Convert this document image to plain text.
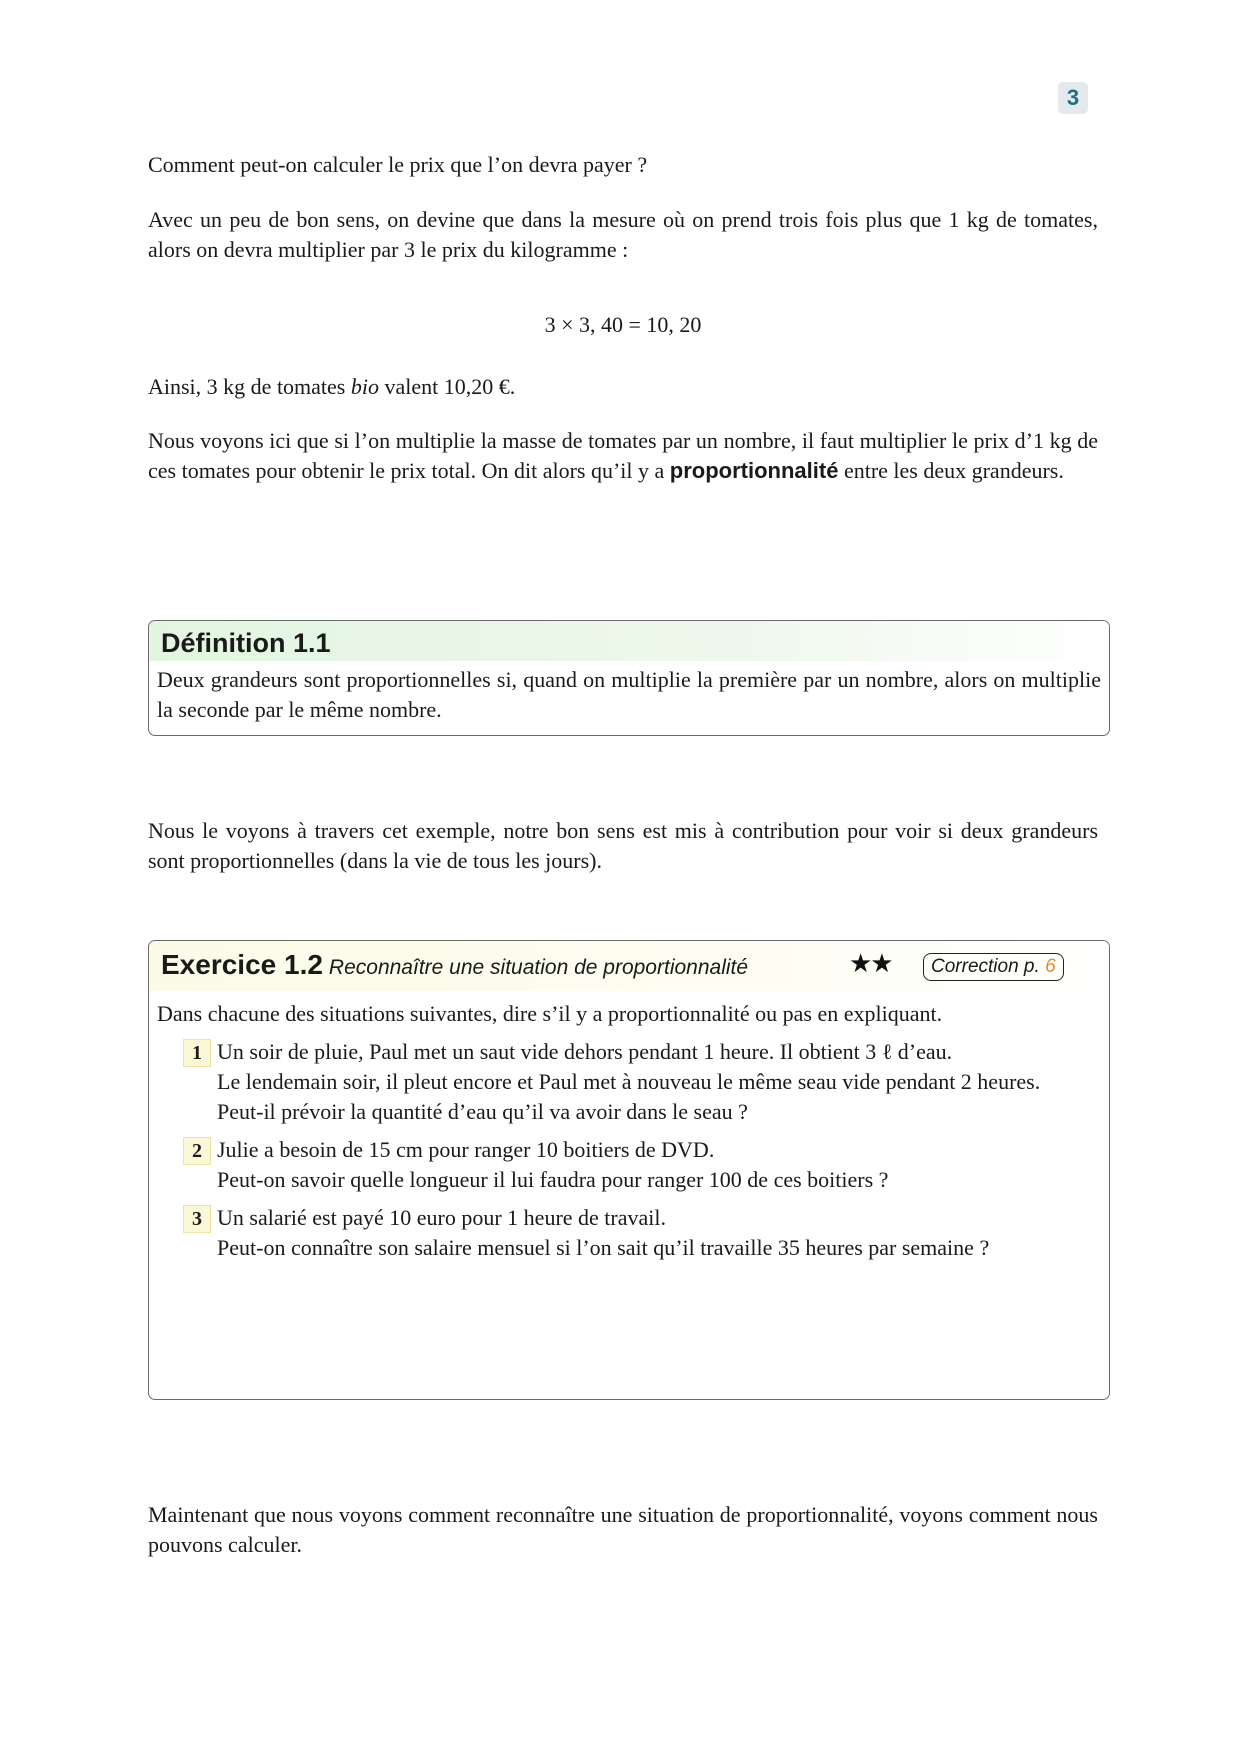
3

Comment peut-on calculer le prix que l’on devra payer ?

Avec un peu de bon sens, on devine que dans la mesure où on prend trois fois plus que 1 kg de tomates, alors on devra multiplier par 3 le prix du kilogramme :

3 × 3, 40 = 10, 20

Ainsi, 3 kg de tomates bio valent 10,20 €.

Nous voyons ici que si l’on multiplie la masse de tomates par un nombre, il faut multiplier le prix d’1 kg de ces tomates pour obtenir le prix total. On dit alors qu’il y a proportionnalité entre les deux grandeurs.

Définition 1.1
Deux grandeurs sont proportionnelles si, quand on multiplie la première par un nombre, alors on multiplie la seconde par le même nombre.

Nous le voyons à travers cet exemple, notre bon sens est mis à contribution pour voir si deux grandeurs sont proportionnelles (dans la vie de tous les jours).

Exercice 1.2 Reconnaître une situation de proportionnalité	★★	Correction p. 6
Dans chacune des situations suivantes, dire s’il y a proportionnalité ou pas en expliquant.
1 Un soir de pluie, Paul met un saut vide dehors pendant 1 heure. Il obtient 3 ℓ d’eau.
Le lendemain soir, il pleut encore et Paul met à nouveau le même seau vide pendant 2 heures.
Peut-il prévoir la quantité d’eau qu’il va avoir dans le seau ?
2 Julie a besoin de 15 cm pour ranger 10 boitiers de DVD.
Peut-on savoir quelle longueur il lui faudra pour ranger 100 de ces boitiers ?
3 Un salarié est payé 10 euro pour 1 heure de travail.
Peut-on connaître son salaire mensuel si l’on sait qu’il travaille 35 heures par semaine ?

Maintenant que nous voyons comment reconnaître une situation de proportionnalité, voyons comment nous pouvons calculer.
